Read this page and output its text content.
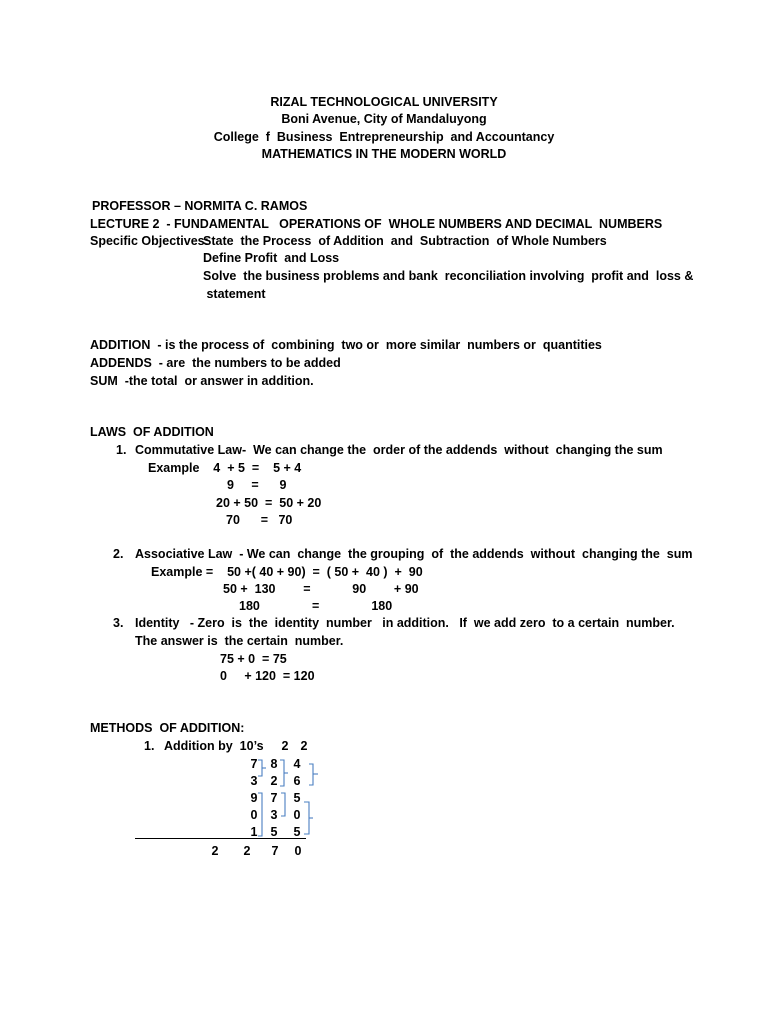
RIZAL TECHNOLOGICAL UNIVERSITY
Boni Avenue, City of Mandaluyong
College  f  Business  Entrepreneurship  and Accountancy
MATHEMATICS IN THE MODERN WORLD
PROFESSOR – NORMITA C. RAMOS
LECTURE 2  - FUNDAMENTAL   OPERATIONS OF  WHOLE NUMBERS AND DECIMAL  NUMBERS
Specific Objectives:
State  the Process  of Addition  and  Subtraction  of Whole Numbers
Define Profit  and Loss
Solve  the business problems and bank  reconciliation involving  profit and  loss &
statement
ADDITION  - is the process of  combining  two or  more similar  numbers or  quantities
ADDENDS  - are  the numbers to be added
SUM  -the total  or answer in addition.
LAWS  OF ADDITION
1. Commutative Law-  We can change the  order of the addends  without  changing the sum
Example    4  + 5  =    5 + 4
9     =      9
20 + 50  =  50 + 20
70      =   70
2. Associative Law  - We can  change  the grouping  of  the addends  without  changing the  sum
Example =    50 +( 40 + 90)  =  ( 50 +  40 )  +  90
50 +  130        =            90        + 90
180               =               180
3. Identity   - Zero  is  the  identity  number   in addition.   If  we add zero  to a certain  number.
The answer is  the certain  number.
75 + 0  = 75
0     + 120  = 120
METHODS  OF ADDITION:
1. Addition by  10’s 2 2
7 8 4
3 2 6
9 7 5
0 3 0
1 5 5
2 2 7 0
